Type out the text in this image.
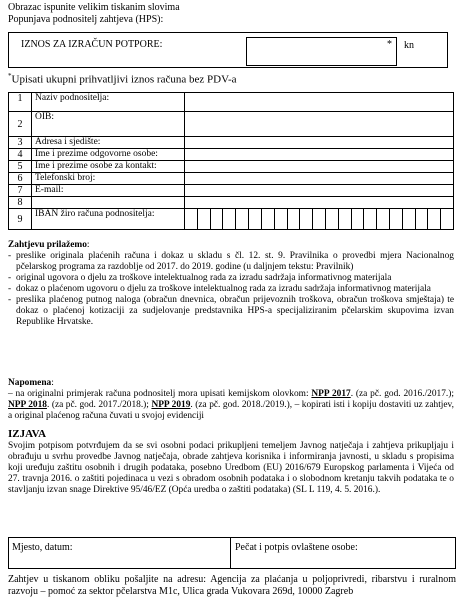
Obrazac ispunite velikim tiskanim slovima
Popunjava podnositelj zahtjeva (HPS):
IZNOS ZA IZRAČUN POTPORE:	* kn
*Upisati ukupni prihvatljivi iznos računa bez PDV-a
1	Naziv podnositelja:	
2	OIB:	
3	Adresa i sjedište:	
4	Ime i prezime odgovorne osobe:	
5	Ime i prezime osobe za kontakt:	
6	Telefonski broj:	
7	E-mail:	
8		
9	IBAN žiro računa podnositelja:	
Zahtjevu prilažemo:
- preslike originala plaćenih računa i dokaz u skladu s čl. 12. st. 9. Pravilnika o provedbi mjera Nacionalnog pčelarskog programa za razdoblje od 2017. do 2019. godine (u daljnjem tekstu: Pravilnik)
- original ugovora o djelu za troškove intelektualnog rada za izradu sadržaja informativnog materijala
- dokaz o plaćenom ugovoru o djelu za troškove intelektualnog rada za izradu sadržaja informativnog materijala
- preslika plaćenog putnog naloga (obračun dnevnica, obračun prijevoznih troškova, obračun troškova smještaja) te dokaz o plaćenoj kotizaciji za sudjelovanje predstavnika HPS-a specijaliziranim pčelarskim skupovima izvan Republike Hrvatske.
Napomena:
– na originalni primjerak računa podnositelj mora upisati kemijskom olovkom: NPP 2017. (za pč. god. 2016./2017.); NPP 2018. (za pč. god. 2017./2018.); NPP 2019. (za pč. god. 2018./2019.), – kopirati isti i kopiju dostaviti uz zahtjev, a original plaćenog računa čuvati u svojoj evidenciji
IZJAVA
Svojim potpisom potvrđujem da se svi osobni podaci prikupljeni temeljem Javnog natječaja i zahtjeva prikupljaju i obrađuju u svrhu provedbe Javnog natječaja, obrade zahtjeva korisnika i informiranja javnosti, u skladu s propisima koji uređuju zaštitu osobnih i drugih podataka, posebno Uredbom (EU) 2016/679 Europskog parlamenta i Vijeća od 27. travnja 2016. o zaštiti pojedinaca u vezi s obradom osobnih podataka i o slobodnom kretanju takvih podataka te o stavljanju izvan snage Direktive 95/46/EZ (Opća uredba o zaštiti podataka) (SL L 119, 4. 5. 2016.).
Mjesto, datum:	Pečat i potpis ovlaštene osobe:
Zahtjev u tiskanom obliku pošaljite na adresu: Agencija za plaćanja u poljoprivredi, ribarstvu i ruralnom razvoju – pomoć za sektor pčelarstva M1c, Ulica grada Vukovara 269d, 10000 Zagreb
